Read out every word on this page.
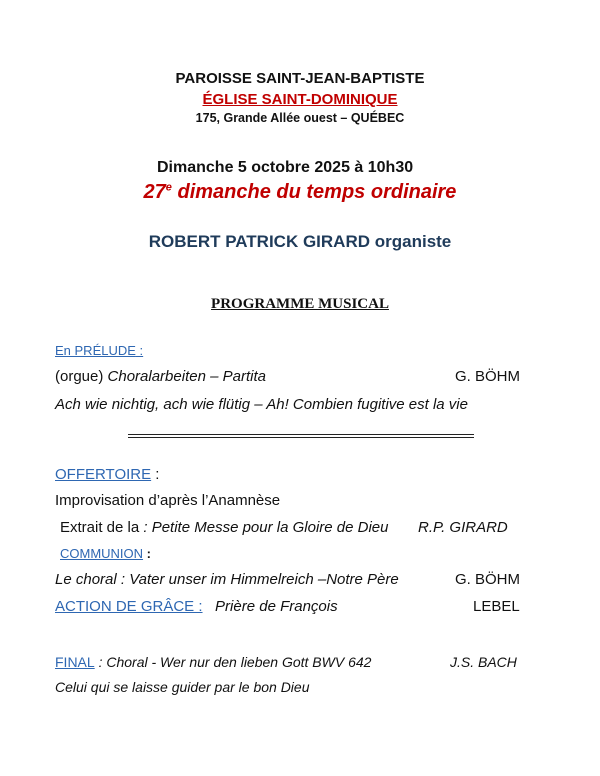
PAROISSE SAINT-JEAN-BAPTISTE
ÉGLISE SAINT-DOMINIQUE
175, Grande Allée ouest – QUÉBEC
Dimanche 5 octobre 2025 à 10h30
27e dimanche du temps ordinaire
ROBERT PATRICK GIRARD organiste
PROGRAMME MUSICAL
En PRÉLUDE :
(orgue) Choralarbeiten – Partita	G. BÖHM
Ach wie nichtig, ach wie flütig – Ah! Combien fugitive est la vie
OFFERTOIRE :
Improvisation d’après l’Anamnèse
Extrait de la : Petite Messe pour la Gloire de Dieu R.P. GIRARD
COMMUNION :
Le choral : Vater unser im Himmelreich –Notre Père	G. BÖHM
ACTION DE GRÂCE : Prière de François	LEBEL
FINAL : Choral - Wer nur den lieben Gott BWV 642	J.S. BACH
Celui qui se laisse guider par le bon Dieu
